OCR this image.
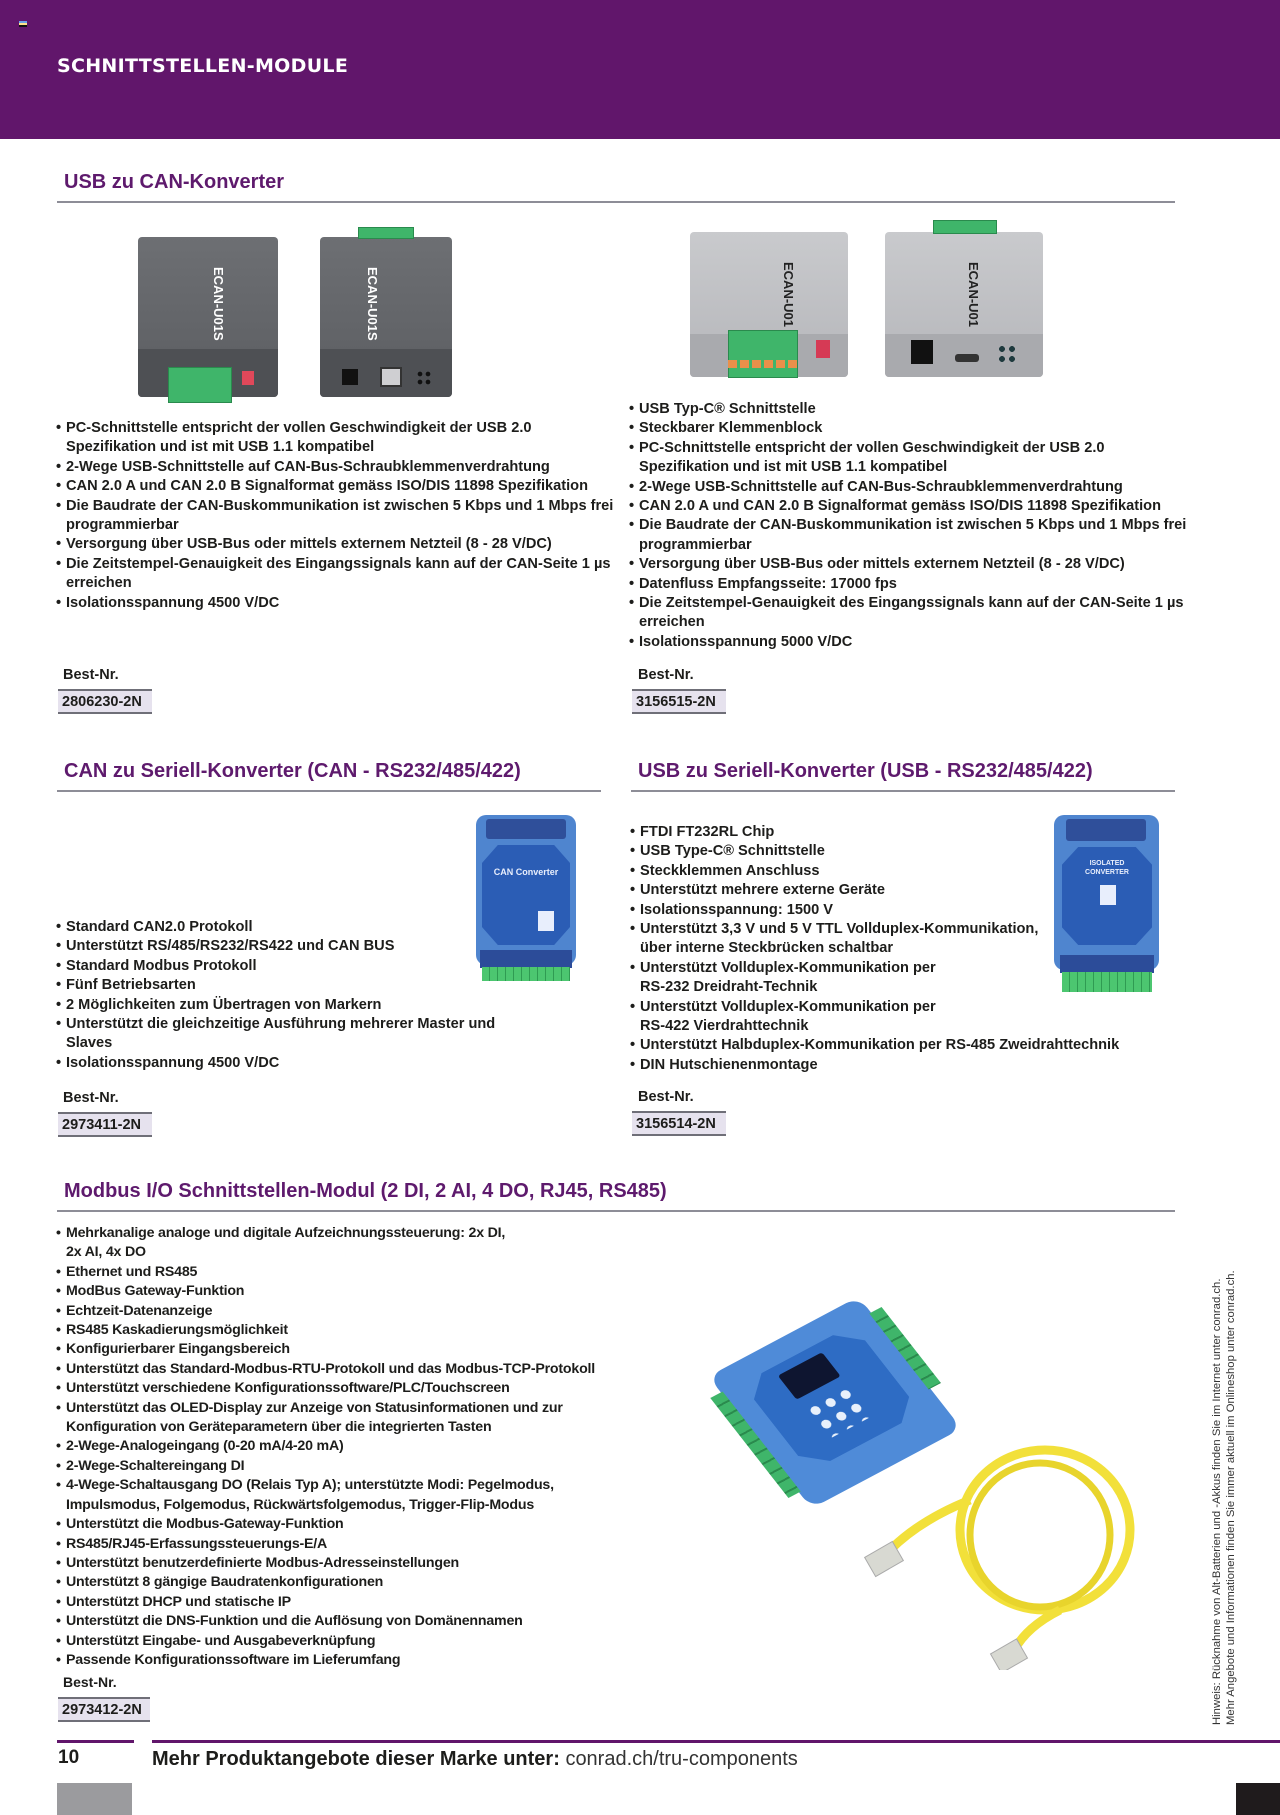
SCHNITTSTELLEN-MODULE
USB zu CAN-Konverter
ECAN-U01S	ECAN-U01S
• PC-Schnittstelle entspricht der vollen Geschwindigkeit der USB 2.0 Spezifikation und ist mit USB 1.1 kompatibel
• 2-Wege USB-Schnittstelle auf CAN-Bus-Schraubklemmenverdrahtung
• CAN 2.0 A und CAN 2.0 B Signalformat gemäss ISO/DIS 11898 Spezifikation
• Die Baudrate der CAN-Buskommunikation ist zwischen 5 Kbps und 1 Mbps frei programmierbar
• Versorgung über USB-Bus oder mittels externem Netzteil (8 - 28 V/DC)
• Die Zeitstempel-Genauigkeit des Eingangssignals kann auf der CAN-Seite 1 µs erreichen
• Isolationsspannung 4500 V/DC
Best-Nr.
2806230-2N
ECAN-U01	ECAN-U01
• USB Typ-C® Schnittstelle
• Steckbarer Klemmenblock
• PC-Schnittstelle entspricht der vollen Geschwindigkeit der USB 2.0 Spezifikation und ist mit USB 1.1 kompatibel
• 2-Wege USB-Schnittstelle auf CAN-Bus-Schraubklemmenverdrahtung
• CAN 2.0 A und CAN 2.0 B Signalformat gemäss ISO/DIS 11898 Spezifikation
• Die Baudrate der CAN-Buskommunikation ist zwischen 5 Kbps und 1 Mbps frei programmierbar
• Versorgung über USB-Bus oder mittels externem Netzteil (8 - 28 V/DC)
• Datenfluss Empfangsseite: 17000 fps
• Die Zeitstempel-Genauigkeit des Eingangssignals kann auf der CAN-Seite 1 µs erreichen
• Isolationsspannung 5000 V/DC
Best-Nr.
3156515-2N
CAN zu Seriell-Konverter (CAN - RS232/485/422)
CAN Converter
• Standard CAN2.0 Protokoll
• Unterstützt RS/485/RS232/RS422 und CAN BUS
• Standard Modbus Protokoll
• Fünf Betriebsarten
• 2 Möglichkeiten zum Übertragen von Markern
• Unterstützt die gleichzeitige Ausführung mehrerer Master und Slaves
• Isolationsspannung 4500 V/DC
Best-Nr.
2973411-2N
USB zu Seriell-Konverter (USB - RS232/485/422)
ISOLATED CONVERTER
• FTDI FT232RL Chip
• USB Type-C® Schnittstelle
• Steckklemmen Anschluss
• Unterstützt mehrere externe Geräte
• Isolationsspannung: 1500 V
• Unterstützt 3,3 V und 5 V TTL Vollduplex-Kommunikation, über interne Steckbrücken schaltbar
• Unterstützt Vollduplex-Kommunikation per RS-232 Dreidraht-Technik
• Unterstützt Vollduplex-Kommunikation per RS-422 Vierdrahttechnik
• Unterstützt Halbduplex-Kommunikation per RS-485 Zweidrahttechnik
• DIN Hutschienenmontage
Best-Nr.
3156514-2N
Modbus I/O Schnittstellen-Modul (2 DI, 2 AI, 4 DO, RJ45, RS485)
• Mehrkanalige analoge und digitale Aufzeichnungssteuerung: 2x DI, 2x AI, 4x DO
• Ethernet und RS485
• ModBus Gateway-Funktion
• Echtzeit-Datenanzeige
• RS485 Kaskadierungsmöglichkeit
• Konfigurierbarer Eingangsbereich
• Unterstützt das Standard-Modbus-RTU-Protokoll und das Modbus-TCP-Protokoll
• Unterstützt verschiedene Konfigurationssoftware/PLC/Touchscreen
• Unterstützt das OLED-Display zur Anzeige von Statusinformationen und zur Konfiguration von Geräteparametern über die integrierten Tasten
• 2-Wege-Analogeingang (0-20 mA/4-20 mA)
• 2-Wege-Schaltereingang DI
• 4-Wege-Schaltausgang DO (Relais Typ A); unterstützte Modi: Pegelmodus, Impulsmodus, Folgemodus, Rückwärtsfolgemodus, Trigger-Flip-Modus
• Unterstützt die Modbus-Gateway-Funktion
• RS485/RJ45-Erfassungssteuerungs-E/A
• Unterstützt benutzerdefinierte Modbus-Adresseinstellungen
• Unterstützt 8 gängige Baudratenkonfigurationen
• Unterstützt DHCP und statische IP
• Unterstützt die DNS-Funktion und die Auflösung von Domänennamen
• Unterstützt Eingabe- und Ausgabeverknüpfung
• Passende Konfigurationssoftware im Lieferumfang
Best-Nr.
2973412-2N	Hinweis: Rücknahme von Alt-Batterien und -Akkus finden Sie im Internet unter conrad.ch. Mehr Angebote und Informationen finden Sie immer aktuell im Onlineshop unter conrad.ch.
10	Mehr Produktangebote dieser Marke unter: conrad.ch/tru-components
